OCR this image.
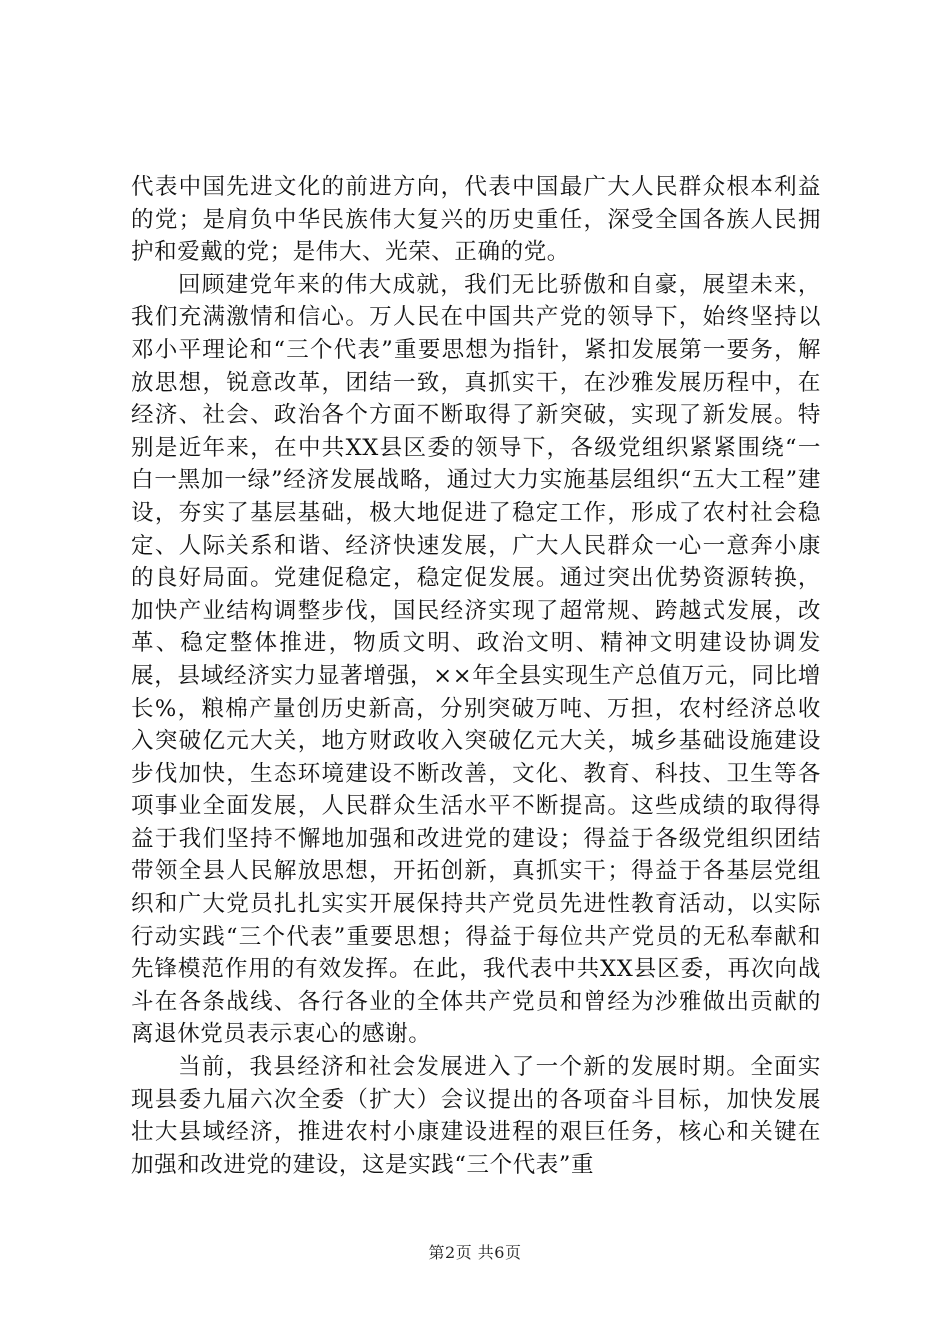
代表中国先进文化的前进方向，代表中国最广大人民群众根本利益的党；是肩负中华民族伟大复兴的历史重任，深受全国各族人民拥护和爱戴的党；是伟大、光荣、正确的党。

回顾建党年来的伟大成就，我们无比骄傲和自豪，展望未来，我们充满激情和信心。万人民在中国共产党的领导下，始终坚持以邓小平理论和“三个代表”重要思想为指针，紧扣发展第一要务，解放思想，锐意改革，团结一致，真抓实干，在沙雅发展历程中，在经济、社会、政治各个方面不断取得了新突破，实现了新发展。特别是近年来，在中共XX县区委的领导下，各级党组织紧紧围绕“一白一黑加一绿”经济发展战略，通过大力实施基层组织“五大工程”建设，夯实了基层基础，极大地促进了稳定工作，形成了农村社会稳定、人际关系和谐、经济快速发展，广大人民群众一心一意奔小康的良好局面。党建促稳定，稳定促发展。通过突出优势资源转换，加快产业结构调整步伐，国民经济实现了超常规、跨越式发展，改革、稳定整体推进，物质文明、政治文明、精神文明建设协调发展，县域经济实力显著增强，××年全县实现生产总值万元，同比增长%，粮棉产量创历史新高，分别突破万吨、万担，农村经济总收入突破亿元大关，地方财政收入突破亿元大关，城乡基础设施建设步伐加快，生态环境建设不断改善，文化、教育、科技、卫生等各项事业全面发展，人民群众生活水平不断提高。这些成绩的取得得益于我们坚持不懈地加强和改进党的建设；得益于各级党组织团结带领全县人民解放思想，开拓创新，真抓实干；得益于各基层党组织和广大党员扎扎实实开展保持共产党员先进性教育活动，以实际行动实践“三个代表”重要思想；得益于每位共产党员的无私奉献和先锋模范作用的有效发挥。在此，我代表中共XX县区委，再次向战斗在各条战线、各行各业的全体共产党员和曾经为沙雅做出贡献的离退休党员表示衷心的感谢。

当前，我县经济和社会发展进入了一个新的发展时期。全面实现县委九届六次全委（扩大）会议提出的各项奋斗目标，加快发展壮大县域经济，推进农村小康建设进程的艰巨任务，核心和关键在加强和改进党的建设，这是实践“三个代表”重

第2页 共6页
